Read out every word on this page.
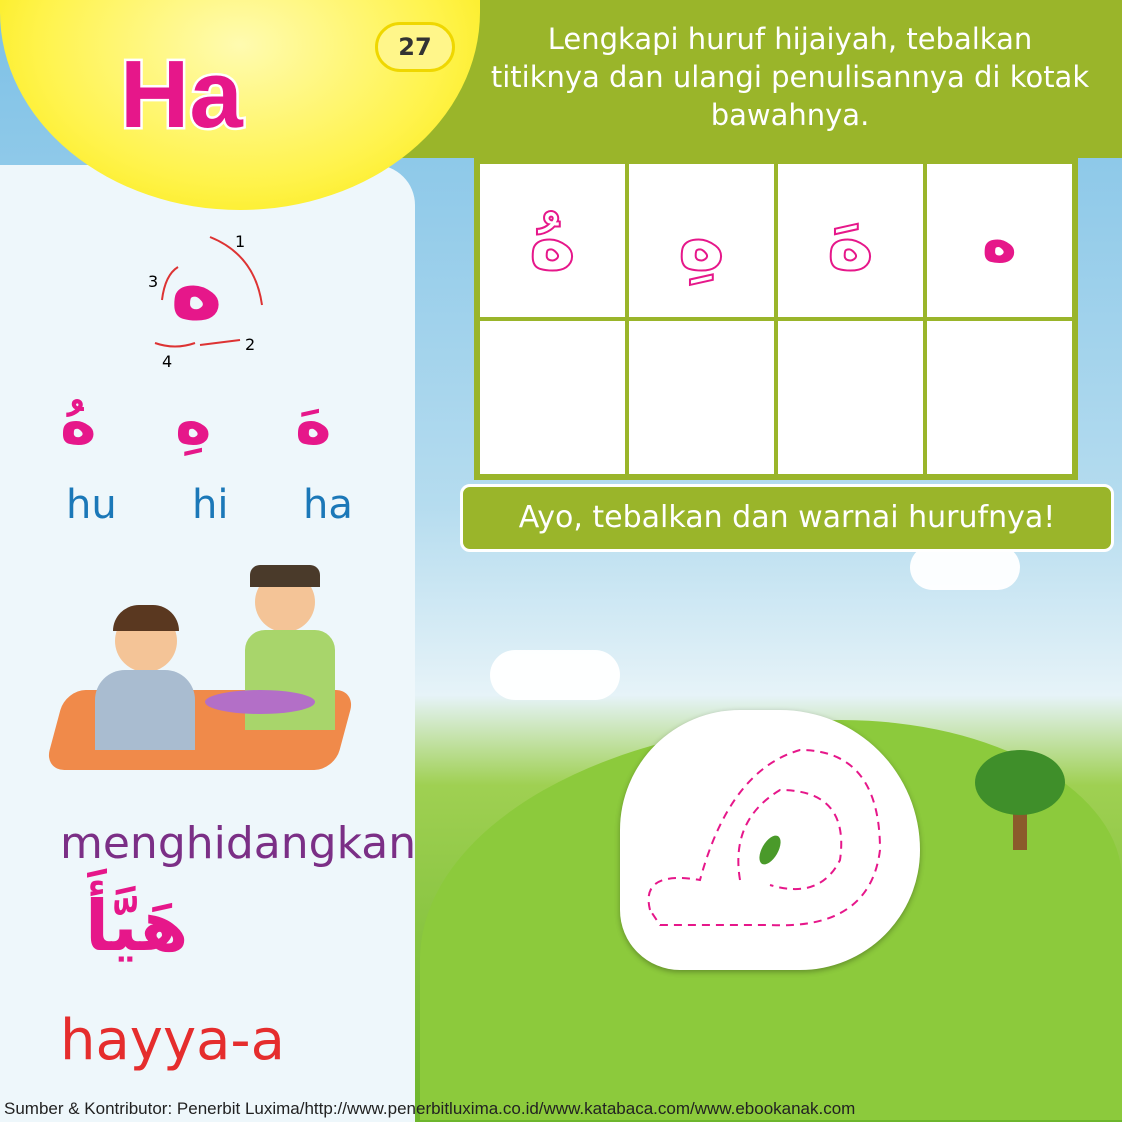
Lengkapi huruf hijaiyah, tebalkan titiknya dan ulangi penulisannya di kotak bawahnya.
Ha	27
ه 1
2
3
4
هُ هِ هَ
hu hi ha
menghidangkan
هَيَّأَ
hayya-a
هُ	هِ	هَ	ه
Ayo, tebalkan dan warnai hurufnya!
Sumber & Kontributor: Penerbit Luxima/http://www.penerbitluxima.co.id/www.katabaca.com/www.ebookanak.com
